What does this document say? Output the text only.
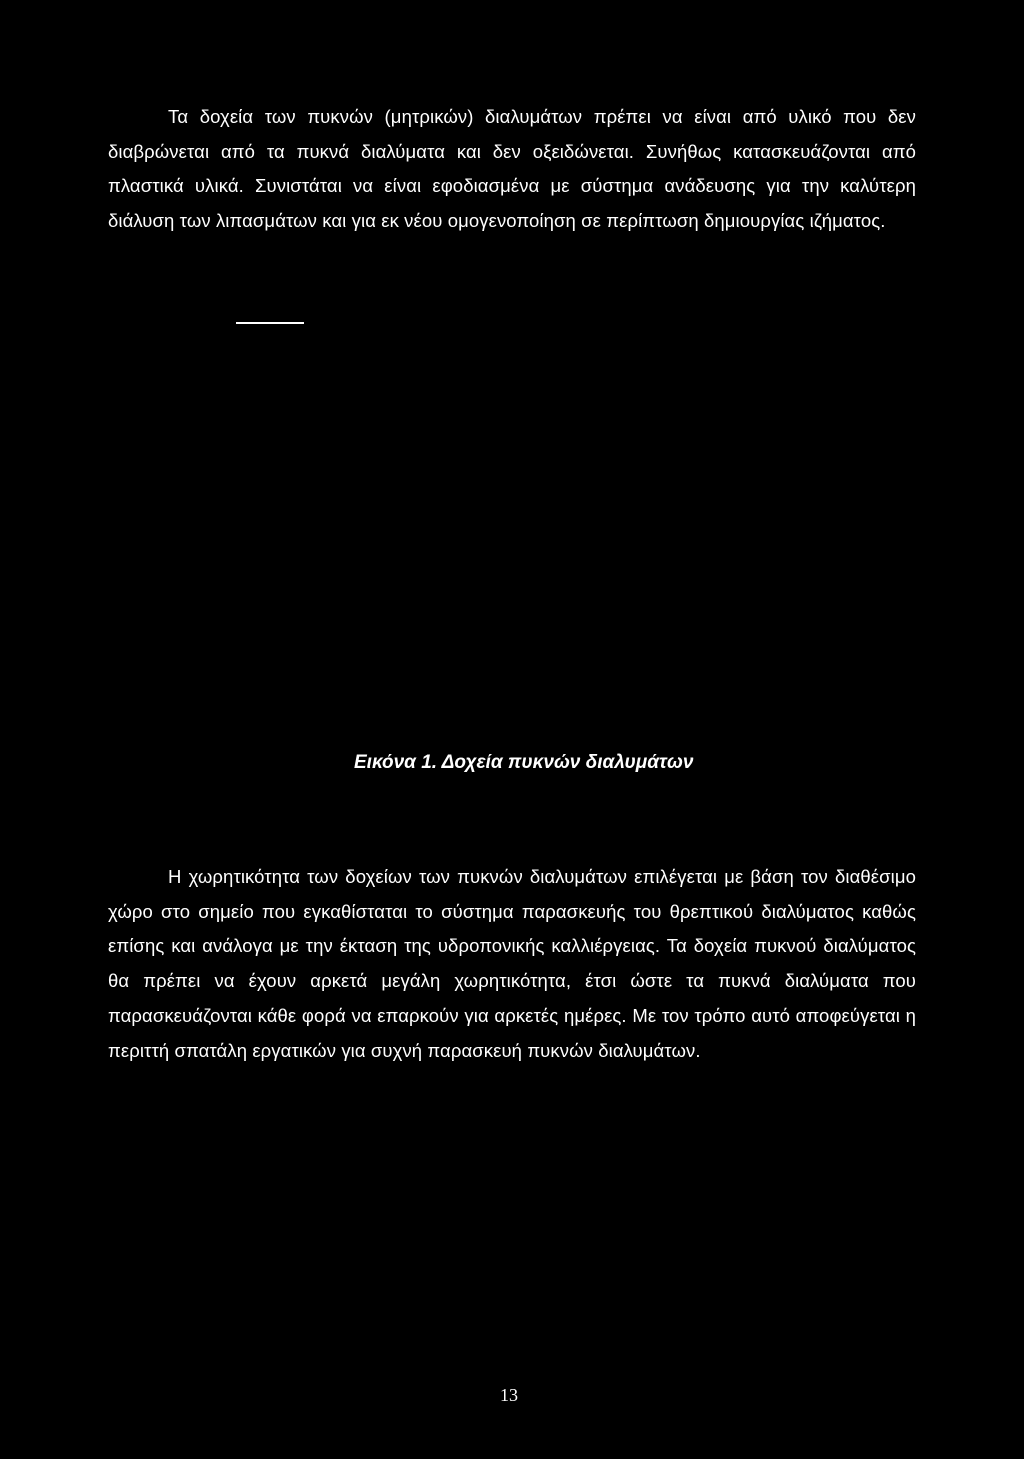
Τα δοχεία των πυκνών (μητρικών) διαλυμάτων πρέπει να είναι από υλικό που δεν διαβρώνεται από τα πυκνά διαλύματα και δεν οξειδώνεται. Συνήθως κατασκευάζονται από πλαστικά υλικά. Συνιστάται να είναι εφοδιασμένα με σύστημα ανάδευσης για την καλύτερη διάλυση των λιπασμάτων και για εκ νέου ομογενοποίηση σε περίπτωση δημιουργίας ιζήματος.

Εικόνα 1. Δοχεία πυκνών διαλυμάτων

Η χωρητικότητα των δοχείων των πυκνών διαλυμάτων επιλέγεται με βάση τον διαθέσιμο χώρο στο σημείο που εγκαθίσταται το σύστημα παρασκευής του θρεπτικού διαλύματος καθώς επίσης και ανάλογα με την έκταση της υδροπονικής καλλιέργειας. Τα δοχεία πυκνού διαλύματος θα πρέπει να έχουν αρκετά μεγάλη χωρητικότητα, έτσι ώστε τα πυκνά διαλύματα που παρασκευάζονται κάθε φορά να επαρκούν για αρκετές ημέρες. Με τον τρόπο αυτό αποφεύγεται η περιττή σπατάλη εργατικών για συχνή παρασκευή πυκνών διαλυμάτων.

13
